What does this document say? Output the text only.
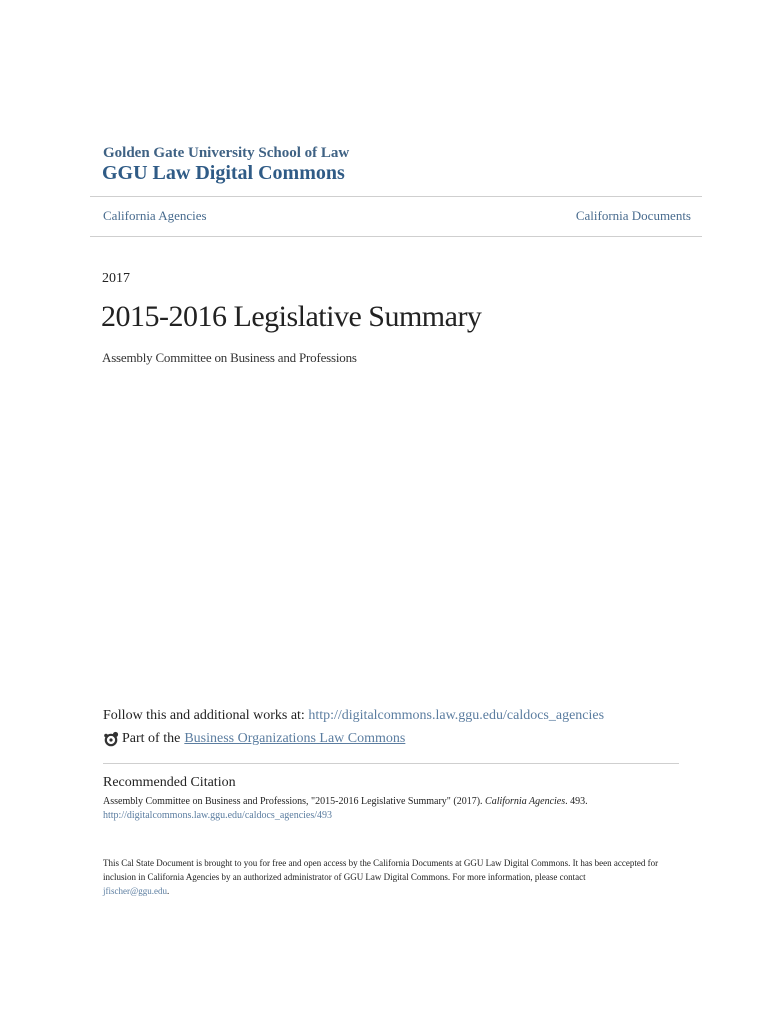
Golden Gate University School of Law
GGU Law Digital Commons
California Agencies	California Documents
2017
2015-2016 Legislative Summary
Assembly Committee on Business and Professions
Follow this and additional works at: http://digitalcommons.law.ggu.edu/caldocs_agencies
Part of the Business Organizations Law Commons
Recommended Citation
Assembly Committee on Business and Professions, "2015-2016 Legislative Summary" (2017). California Agencies. 493.
http://digitalcommons.law.ggu.edu/caldocs_agencies/493
This Cal State Document is brought to you for free and open access by the California Documents at GGU Law Digital Commons. It has been accepted for inclusion in California Agencies by an authorized administrator of GGU Law Digital Commons. For more information, please contact
jfischer@ggu.edu.
